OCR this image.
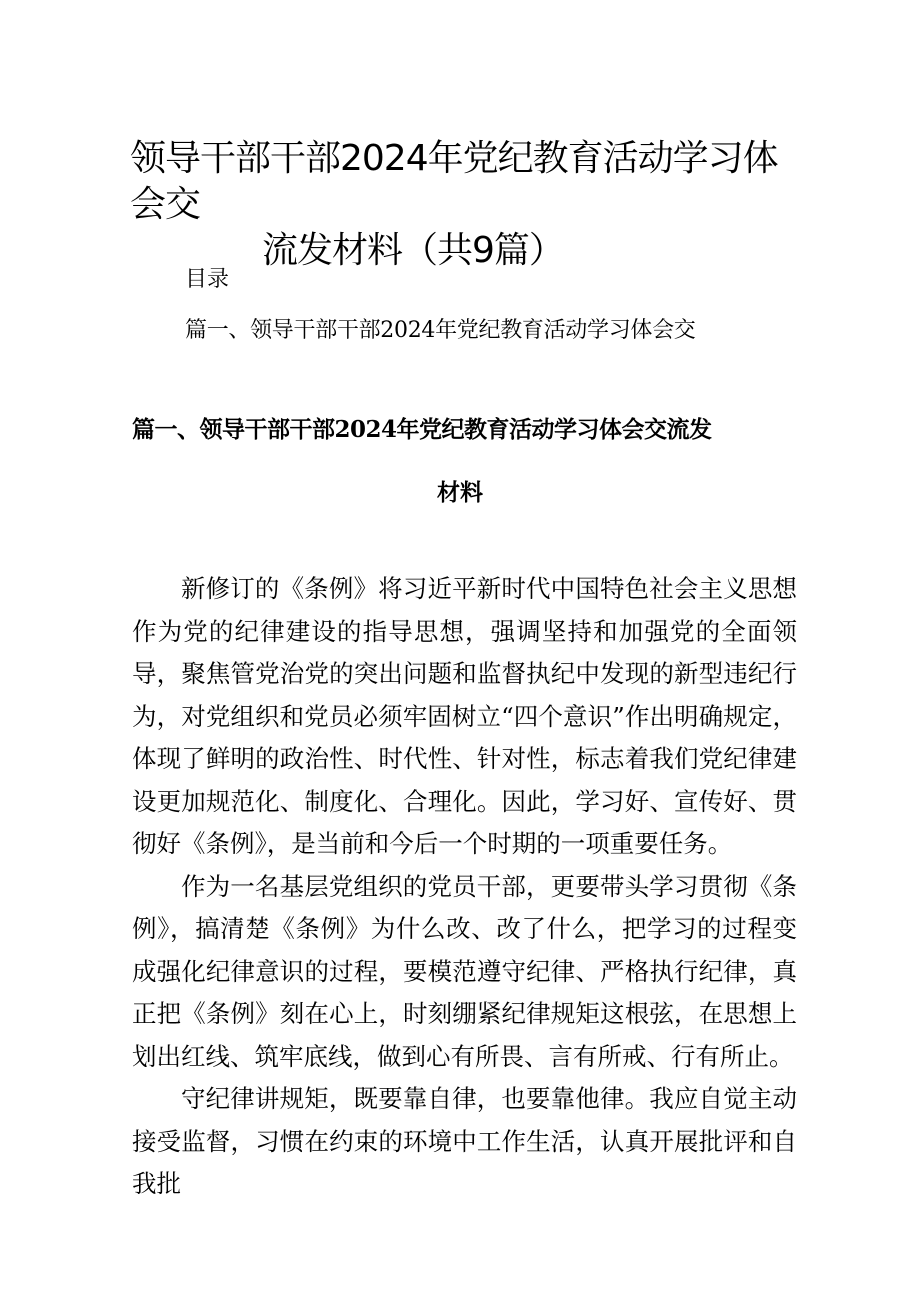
领导干部干部2024年党纪教育活动学习体会交
流发材料（共9篇）

目录

篇一、领导干部干部2024年党纪教育活动学习体会交

篇一、领导干部干部2024年党纪教育活动学习体会交流发
材料

新修订的《条例》将习近平新时代中国特色社会主义思想作为党的纪律建设的指导思想，强调坚持和加强党的全面领导，聚焦管党治党的突出问题和监督执纪中发现的新型违纪行为，对党组织和党员必须牢固树立“四个意识”作出明确规定，体现了鲜明的政治性、时代性、针对性，标志着我们党纪律建设更加规范化、制度化、合理化。因此，学习好、宣传好、贯彻好《条例》，是当前和今后一个时期的一项重要任务。

作为一名基层党组织的党员干部，更要带头学习贯彻《条例》，搞清楚《条例》为什么改、改了什么，把学习的过程变成强化纪律意识的过程，要模范遵守纪律、严格执行纪律，真正把《条例》刻在心上，时刻绷紧纪律规矩这根弦，在思想上划出红线、筑牢底线，做到心有所畏、言有所戒、行有所止。

守纪律讲规矩，既要靠自律，也要靠他律。我应自觉主动接受监督，习惯在约束的环境中工作生活，认真开展批评和自我批
